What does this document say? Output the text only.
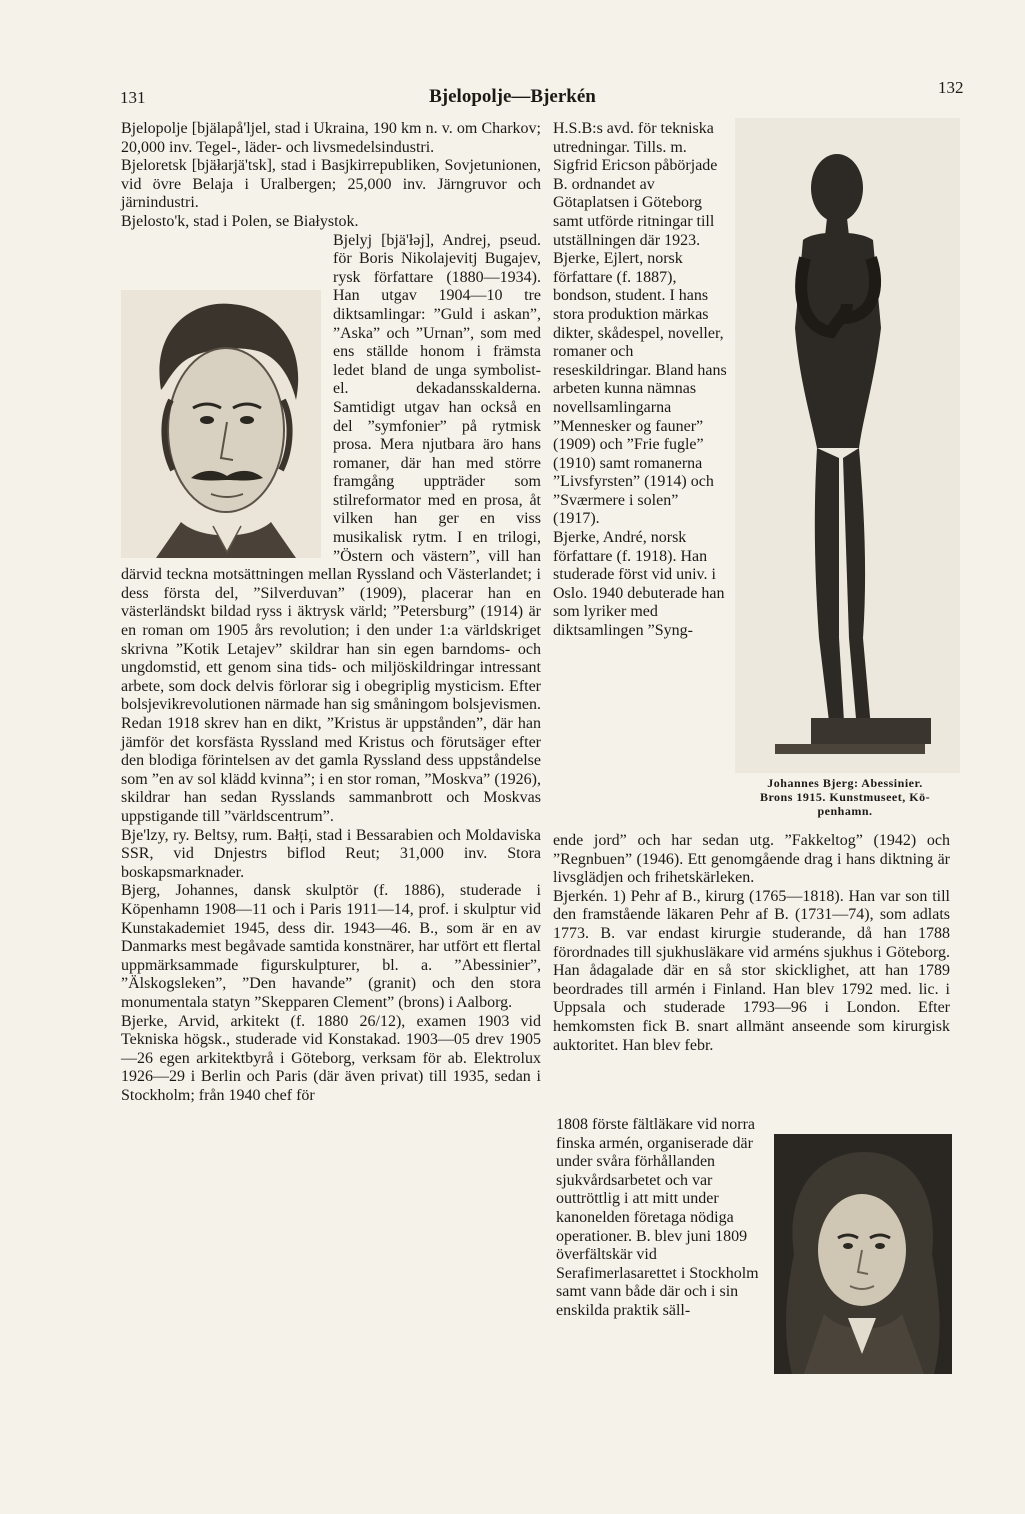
131	Bjelopolje—Bjerkén	132

Bjelopolje [bjälapå'ljel, stad i Ukraina, 190 km n. v. om Charkov; 20,000 inv. Tegel-, läder- och livsmedelsindustri.

Bjeloretsk [bjäłarjä'tsk], stad i Basjkirrepubliken, Sovjetunionen, vid övre Belaja i Uralbergen; 25,000 inv. Järngruvor och järnindustri.

Bjelosto'k, stad i Polen, se Białystok.

Bjelyj [bjä'łəj], Andrej, pseud. för Boris Nikolajevitj Bugajev, rysk författare (1880—1934). Han utgav 1904—10 tre diktsamlingar: ”Guld i askan”, ”Aska” och ”Urnan”, som med ens ställde honom i främsta ledet bland de unga symbolist- el. dekadansskalderna. Samtidigt utgav han också en del ”symfonier” på rytmisk prosa. Mera njutbara äro hans romaner, där han med större framgång uppträder som stilreformator med en prosa, åt vilken han ger en viss musikalisk rytm. I en trilogi, ”Östern och västern”, vill han därvid teckna motsättningen mellan Ryssland och Västerlandet; i dess första del, ”Silverduvan” (1909), placerar han en västerländskt bildad ryss i äktrysk värld; ”Petersburg” (1914) är en roman om 1905 års revolution; i den under 1:a världskriget skrivna ”Kotik Letajev” skildrar han sin egen barndoms- och ungdomstid, ett genom sina tids- och miljöskildringar intressant arbete, som dock delvis förlorar sig i obegriplig mysticism. Efter bolsjevikrevolutionen närmade han sig småningom bolsjevismen. Redan 1918 skrev han en dikt, ”Kristus är uppstånden”, där han jämför det korsfästa Ryssland med Kristus och förutsäger efter den blodiga förintelsen av det gamla Ryssland dess uppståndelse som ”en av sol klädd kvinna”; i en stor roman, ”Moskva” (1926), skildrar han sedan Rysslands sammanbrott och Moskvas uppstigande till ”världscentrum”.

Bje'lzy, ry. Beltsy, rum. Bałți, stad i Bessarabien och Moldaviska SSR, vid Dnjestrs biflod Reut; 31,000 inv. Stora boskapsmarknader.

Bjerg, Johannes, dansk skulptör (f. 1886), studerade i Köpenhamn 1908—11 och i Paris 1911—14, prof. i skulptur vid Kunstakademiet 1945, dess dir. 1943—46. B., som är en av Danmarks mest begåvade samtida konstnärer, har utfört ett flertal uppmärksammade figurskulpturer, bl. a. ”Abessinier”, ”Älskogsleken”, ”Den havande” (granit) och den stora monumentala statyn ”Skepparen Clement” (brons) i Aalborg.

Bjerke, Arvid, arkitekt (f. 1880 26/12), examen 1903 vid Tekniska högsk., studerade vid Konstakad. 1903—05 drev 1905—26 egen arkitektbyrå i Göteborg, verksam för ab. Elektrolux 1926—29 i Berlin och Paris (där även privat) till 1935, sedan i Stockholm; från 1940 chef för

H.S.B:s avd. för tekniska utredningar. Tills. m. Sigfrid Ericson påbörjade B. ordnandet av Götaplatsen i Göteborg samt utförde ritningar till utställningen där 1923.

Bjerke, Ejlert, norsk författare (f. 1887), bondson, student. I hans stora produktion märkas dikter, skådespel, noveller, romaner och reseskildringar. Bland hans arbeten kunna nämnas novellsamlingarna ”Mennesker og fauner” (1909) och ”Frie fugle” (1910) samt romanerna ”Livsfyrsten” (1914) och ”Sværmere i solen” (1917).

Bjerke, André, norsk författare (f. 1918). Han studerade först vid univ. i Oslo. 1940 debuterade han som lyriker med diktsamlingen ”Syng-

Johannes Bjerg: Abessinier.
Brons 1915. Kunstmuseet, Kö-
penhamn.

ende jord” och har sedan utg. ”Fakkeltog” (1942) och ”Regnbuen” (1946). Ett genomgående drag i hans diktning är livsglädjen och frihetskärleken.

Bjerkén. 1) Pehr af B., kirurg (1765—1818). Han var son till den framstående läkaren Pehr af B. (1731—74), som adlats 1773. B. var endast kirurgie studerande, då han 1788 förordnades till sjukhusläkare vid arméns sjukhus i Göteborg. Han ådagalade där en så stor skicklighet, att han 1789 beordrades till armén i Finland. Han blev 1792 med. lic. i Uppsala och studerade 1793—96 i London. Efter hemkomsten fick B. snart allmänt anseende som kirurgisk auktoritet. Han blev febr.

1808 förste fältläkare vid norra finska armén, organiserade där under svåra förhållanden sjukvårdsarbetet och var outtröttlig i att mitt under kanonelden företaga nödiga operationer. B. blev juni 1809 överfältskär vid Serafimerlasarettet i Stockholm samt vann både där och i sin enskilda praktik säll-
